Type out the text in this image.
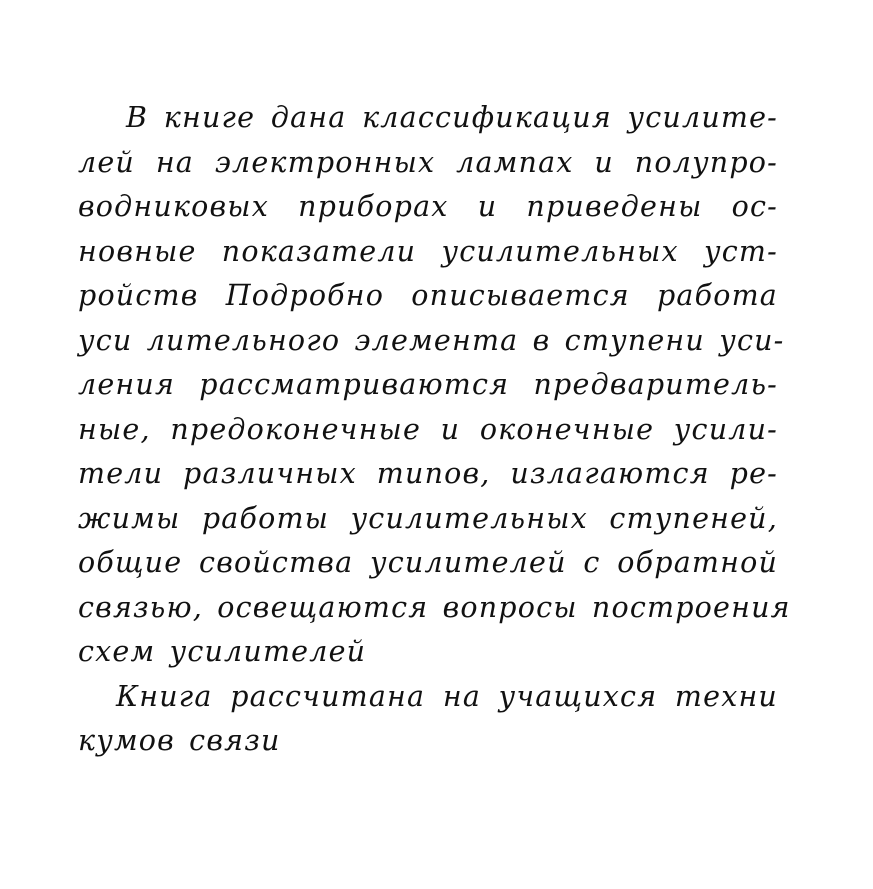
В книге дана классификация усилите-
лей на электронных лампах и полупро-
водниковых приборах и приведены ос-
новные показатели усилительных уст-
ройств Подробно описывается работа
уси лительного элемента в ступени уси-
ления рассматриваются предваритель-
ные, предоконечные и оконечные усили-
тели различных типов, излагаются ре-
жимы работы усилительных ступеней,
общие свойства усилителей с обратной
связью, освещаются вопросы построения
схем усилителей
Книга рассчитана на учащихся техни
кумов связи
